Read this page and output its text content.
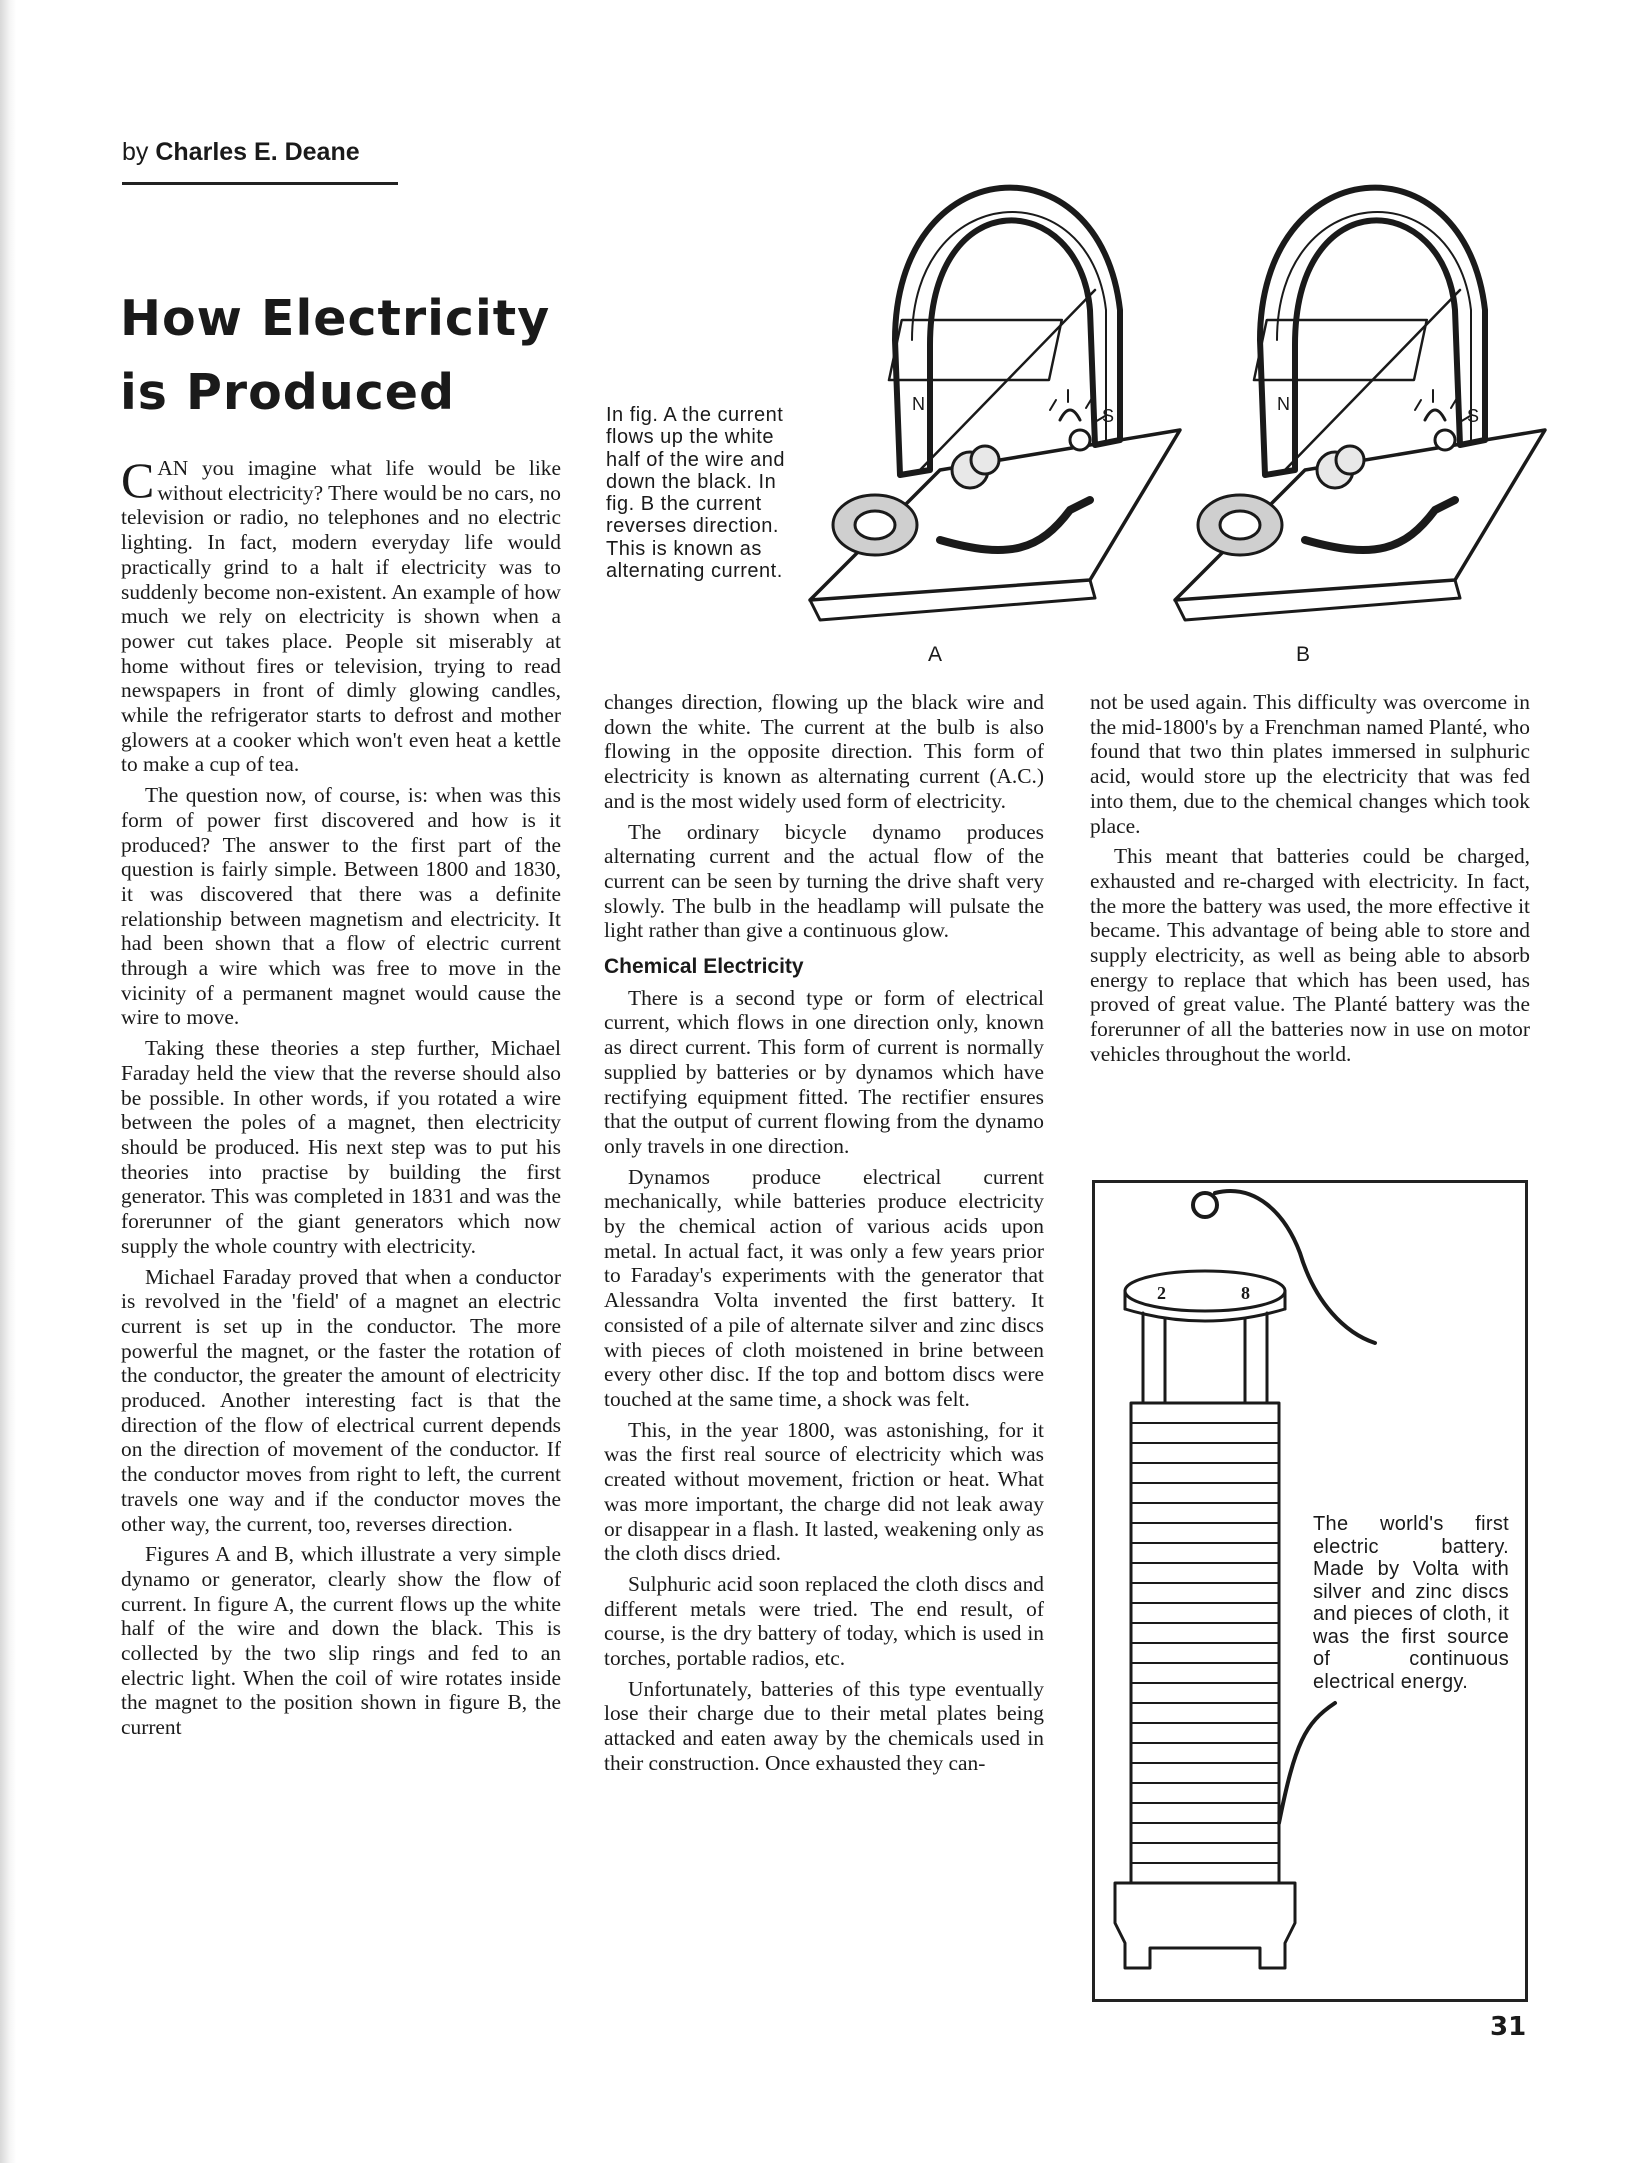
by Charles E. Deane
How Electricity
is Produced	N
S
N
S
In fig. A the current flows up the white half of the wire and down the black. In fig. B the current reverses direction. This is known as alternating current.
A	B

CAN you imagine what life would be like without electricity? There would be no cars, no television or radio, no telephones and no electric lighting. In fact, modern everyday life would practically grind to a halt if electricity was to suddenly become non-existent. An example of how much we rely on electricity is shown when a power cut takes place. People sit miserably at home without fires or television, trying to read newspapers in front of dimly glowing candles, while the refrigerator starts to defrost and mother glowers at a cooker which won't even heat a kettle to make a cup of tea.

The question now, of course, is: when was this form of power first discovered and how is it produced? The answer to the first part of the question is fairly simple. Between 1800 and 1830, it was discovered that there was a definite relationship between magnetism and electricity. It had been shown that a flow of electric current through a wire which was free to move in the vicinity of a permanent magnet would cause the wire to move.

Taking these theories a step further, Michael Faraday held the view that the reverse should also be possible. In other words, if you rotated a wire between the poles of a magnet, then electricity should be produced. His next step was to put his theories into practise by building the first generator. This was completed in 1831 and was the forerunner of the giant generators which now supply the whole country with electricity.

Michael Faraday proved that when a conductor is revolved in the 'field' of a magnet an electric current is set up in the conductor. The more powerful the magnet, or the faster the rotation of the conductor, the greater the amount of electricity produced. Another interesting fact is that the direction of the flow of electrical current depends on the direction of movement of the conductor. If the conductor moves from right to left, the current travels one way and if the conductor moves the other way, the current, too, reverses direction.

Figures A and B, which illustrate a very simple dynamo or generator, clearly show the flow of current. In figure A, the current flows up the white half of the wire and down the black. This is collected by the two slip rings and fed to an electric light. When the coil of wire rotates inside the magnet to the position shown in figure B, the current

changes direction, flowing up the black wire and down the white. The current at the bulb is also flowing in the opposite direction. This form of electricity is known as alternating current (A.C.) and is the most widely used form of electricity.

The ordinary bicycle dynamo produces alternating current and the actual flow of the current can be seen by turning the drive shaft very slowly. The bulb in the headlamp will pulsate the light rather than give a continuous glow.

Chemical Electricity

There is a second type or form of electrical current, which flows in one direction only, known as direct current. This form of current is normally supplied by batteries or by dynamos which have rectifying equipment fitted. The rectifier ensures that the output of current flowing from the dynamo only travels in one direction.

Dynamos produce electrical current mechanically, while batteries produce electricity by the chemical action of various acids upon metal. In actual fact, it was only a few years prior to Faraday's experiments with the generator that Alessandra Volta invented the first battery. It consisted of a pile of alternate silver and zinc discs with pieces of cloth moistened in brine between every other disc. If the top and bottom discs were touched at the same time, a shock was felt.

This, in the year 1800, was astonishing, for it was the first real source of electricity which was created without movement, friction or heat. What was more important, the charge did not leak away or disappear in a flash. It lasted, weakening only as the cloth discs dried.

Sulphuric acid soon replaced the cloth discs and different metals were tried. The end result, of course, is the dry battery of today, which is used in torches, portable radios, etc.

Unfortunately, batteries of this type eventually lose their charge due to their metal plates being attacked and eaten away by the chemicals used in their construction. Once exhausted they can-

not be used again. This difficulty was overcome in the mid-1800's by a Frenchman named Planté, who found that two thin plates immersed in sulphuric acid, would store up the electricity that was fed into them, due to the chemical changes which took place.

This meant that batteries could be charged, exhausted and re-charged with electricity. In fact, the more the battery was used, the more effective it became. This advantage of being able to store and supply electricity, as well as being able to absorb energy to replace that which has been used, has proved of great value. The Planté battery was the forerunner of all the batteries now in use on motor vehicles throughout the world.

2	8
The world's first electric battery. Made by Volta with silver and zinc discs and pieces of cloth, it was the first source of continuous electrical energy.
31
